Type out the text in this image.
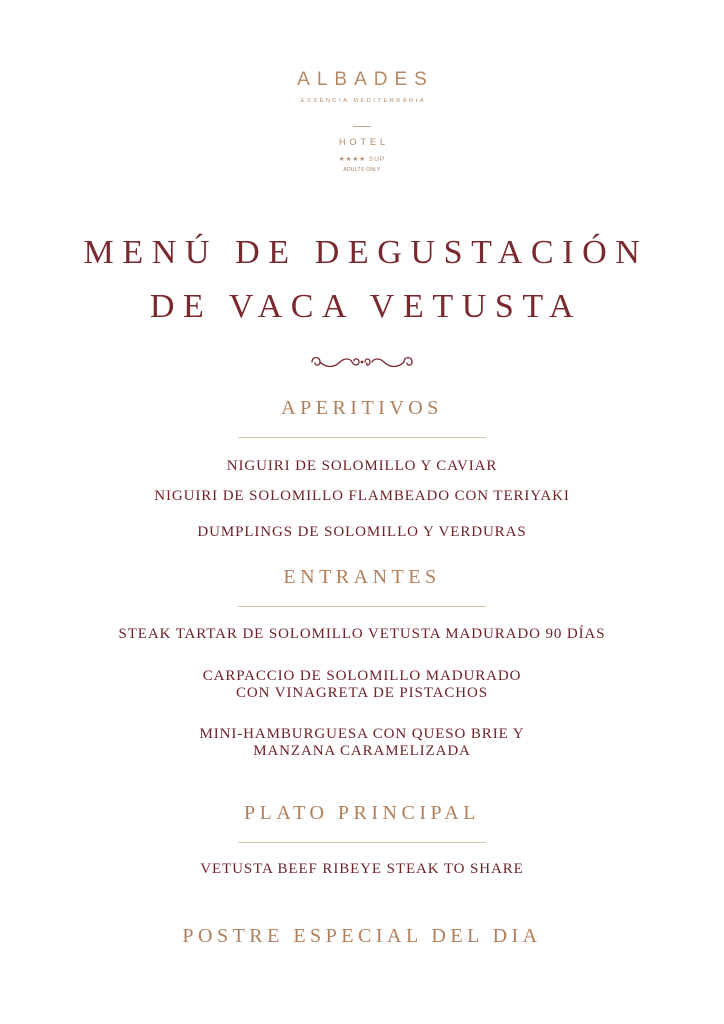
ALBADES
ESSÈNCIA MEDITERRÀNIA
HOTEL
★★★★ SUP
ADULTS ONLY
MENÚ DE DEGUSTACIÓN
DE VACA VETUSTA
APERITIVOS
NIGUIRI DE SOLOMILLO Y CAVIAR
NIGUIRI DE SOLOMILLO FLAMBEADO CON TERIYAKI
DUMPLINGS DE SOLOMILLO Y VERDURAS
ENTRANTES
STEAK TARTAR DE SOLOMILLO VETUSTA MADURADO 90 DÍAS
CARPACCIO DE SOLOMILLO MADURADO
CON VINAGRETA DE PISTACHOS
MINI-HAMBURGUESA CON QUESO BRIE Y
MANZANA CARAMELIZADA
PLATO PRINCIPAL
VETUSTA BEEF RIBEYE STEAK TO SHARE
POSTRE ESPECIAL DEL DIA
